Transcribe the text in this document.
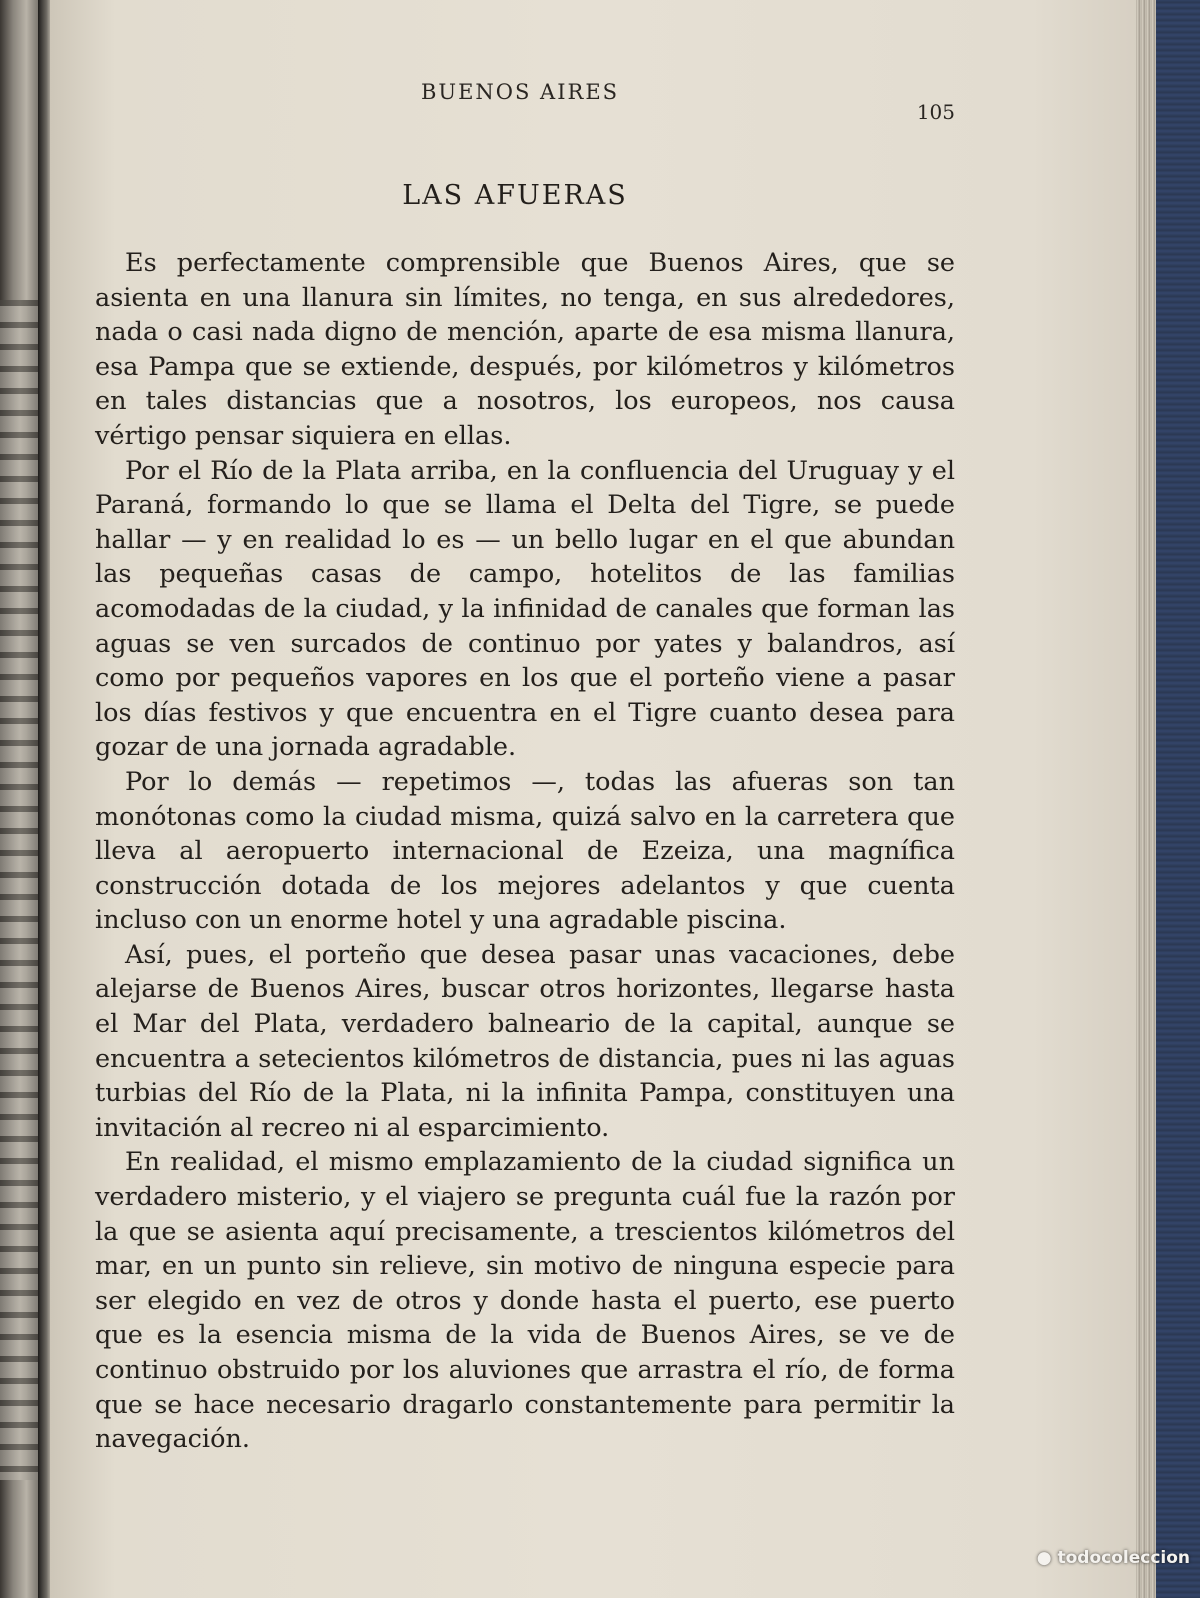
BUENOS AIRES
105
LAS AFUERAS

Es perfectamente comprensible que Buenos Aires, que se asienta en una llanura sin límites, no tenga, en sus alrededores, nada o casi nada digno de mención, aparte de esa misma llanura, esa Pampa que se extiende, después, por kilómetros y kilómetros en tales distancias que a nosotros, los europeos, nos causa vértigo pensar siquiera en ellas.

Por el Río de la Plata arriba, en la confluencia del Uruguay y el Paraná, formando lo que se llama el Delta del Tigre, se puede hallar — y en realidad lo es — un bello lugar en el que abundan las pequeñas casas de campo, hotelitos de las familias acomodadas de la ciudad, y la infinidad de canales que forman las aguas se ven surcados de continuo por yates y balandros, así como por pequeños vapores en los que el porteño viene a pasar los días festivos y que encuentra en el Tigre cuanto desea para gozar de una jornada agradable.

Por lo demás — repetimos —, todas las afueras son tan monótonas como la ciudad misma, quizá salvo en la carretera que lleva al aeropuerto internacional de Ezeiza, una magnífica construcción dotada de los mejores adelantos y que cuenta incluso con un enorme hotel y una agradable piscina.

Así, pues, el porteño que desea pasar unas vacaciones, debe alejarse de Buenos Aires, buscar otros horizontes, llegarse hasta el Mar del Plata, verdadero balneario de la capital, aunque se encuentra a setecientos kilómetros de distancia, pues ni las aguas turbias del Río de la Plata, ni la infinita Pampa, constituyen una invitación al recreo ni al esparcimiento.

En realidad, el mismo emplazamiento de la ciudad significa un verdadero misterio, y el viajero se pregunta cuál fue la razón por la que se asienta aquí precisamente, a trescientos kilómetros del mar, en un punto sin relieve, sin motivo de ninguna especie para ser elegido en vez de otros y donde hasta el puerto, ese puerto que es la esencia misma de la vida de Buenos Aires, se ve de continuo obstruido por los aluviones que arrastra el río, de forma que se hace necesario dragarlo constantemente para permitir la navegación.

● todocoleccion
